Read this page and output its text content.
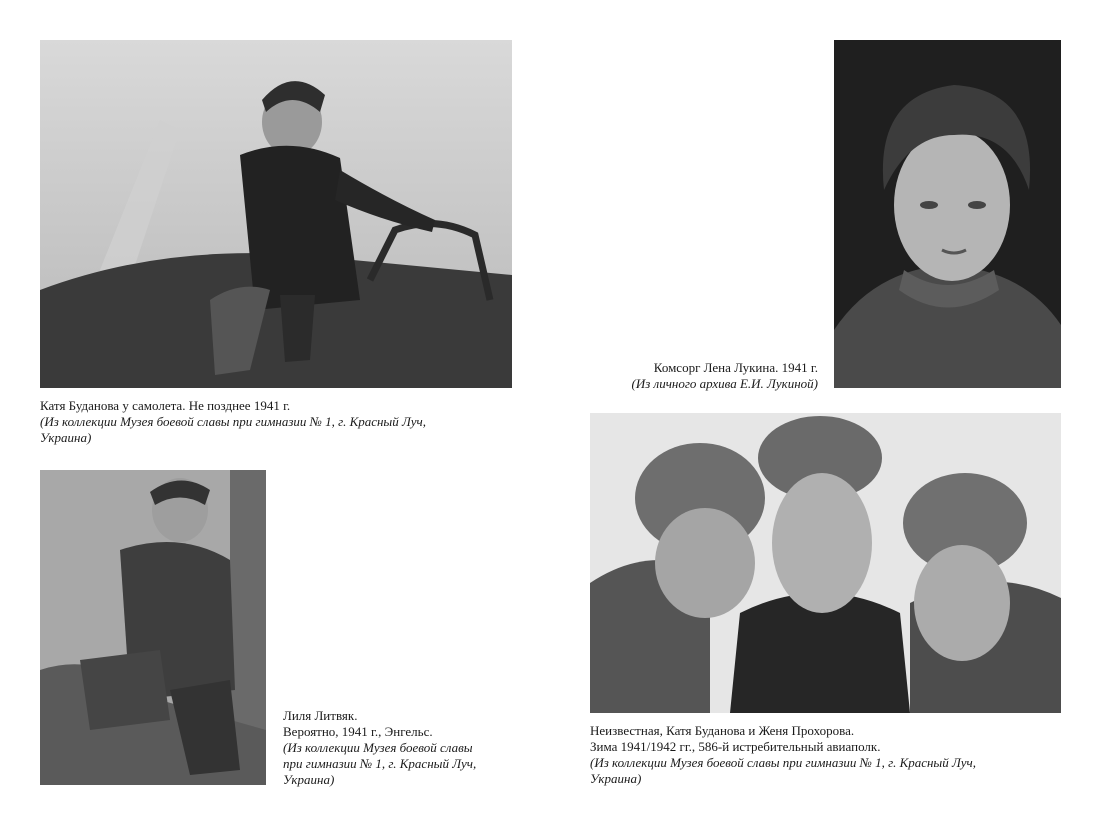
Катя Буданова у самолета. Не позднее 1941 г.
(Из коллекции Музея боевой славы при гимназии № 1, г. Красный Луч,
Украина)
Комсорг Лена Лукина. 1941 г.
(Из личного архива Е.И. Лукиной)
Лиля Литвяк.
Вероятно, 1941 г., Энгельс.
(Из коллекции Музея боевой славы
при гимназии № 1, г. Красный Луч,
Украина)
Неизвестная, Катя Буданова и Женя Прохорова.
Зима 1941/1942 гг., 586-й истребительный авиаполк.
(Из коллекции Музея боевой славы при гимназии № 1, г. Красный Луч,
Украина)
